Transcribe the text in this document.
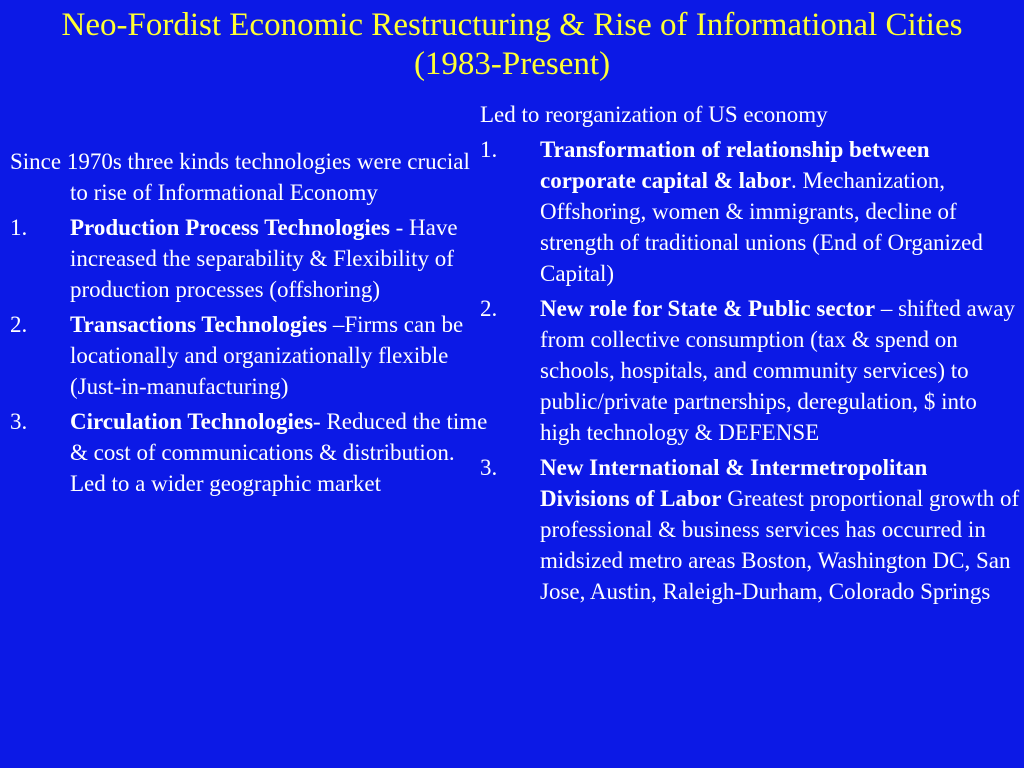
Neo-Fordist Economic Restructuring & Rise of Informational Cities (1983-Present)
Since 1970s three kinds technologies were crucial to rise of Informational Economy
1.	Production Process Technologies - Have increased the separability & Flexibility of production processes (offshoring)
2.	Transactions Technologies –Firms can be locationally and organizationally flexible (Just-in-manufacturing)
3.	Circulation Technologies- Reduced the time & cost of communications & distribution. Led to a wider geographic market
Led to reorganization of US economy
1.	Transformation of relationship between corporate capital & labor. Mechanization, Offshoring, women & immigrants, decline of strength of traditional unions (End of Organized Capital)
2.	New role for State & Public sector – shifted away from collective consumption (tax & spend on schools, hospitals, and community services) to public/private partnerships, deregulation, $ into high technology & DEFENSE
3.	New International & Intermetropolitan Divisions of Labor Greatest proportional growth of professional & business services has occurred in midsized metro areas Boston, Washington DC, San Jose, Austin, Raleigh-Durham, Colorado Springs
